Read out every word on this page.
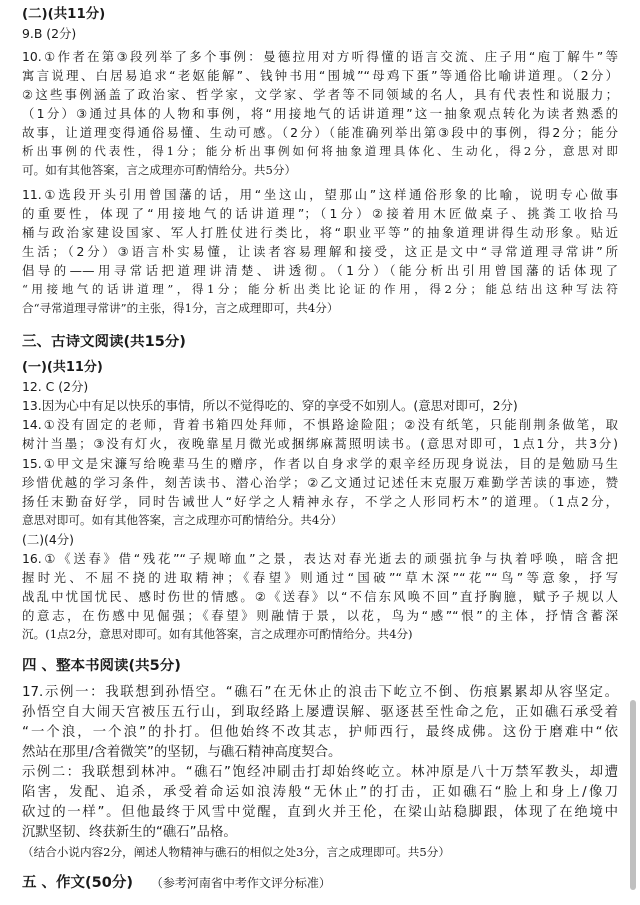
(二)(共11分)
9.B (2分)
10.①作者在第③段列举了多个事例：曼德拉用对方听得懂的语言交流、庄子用“庖丁解牛”等
寓言说理、白居易追求“老妪能解”、钱钟书用“围城”“母鸡下蛋”等通俗比喻讲道理。（2分）
②这些事例涵盖了政治家、哲学家，文学家、学者等不同领域的名人，具有代表性和说服力；
（1分）③通过具体的人物和事例，将“用接地气的话讲道理”这一抽象观点转化为读者熟悉的
故事，让道理变得通俗易懂、生动可感。（2分）（能准确列举出第③段中的事例，得2分；能分
析出事例的代表性，得1分；能分析出事例如何将抽象道理具体化、生动化，得2分，意思对即
可。如有其他答案，言之成理亦可酌情给分。共5分）
11.①选段开头引用曾国藩的话，用“坐这山，望那山”这样通俗形象的比喻，说明专心做事
的重要性，体现了“用接地气的话讲道理”；（1分）②接着用木匠做桌子、挑粪工收拾马
桶与政治家建设国家、军人打胜仗进行类比，将“职业平等”的抽象道理讲得生动形象。贴近
生活；（2分）③语言朴实易懂，让读者容易理解和接受，这正是文中“寻常道理寻常讲”所
倡导的——用寻常话把道理讲清楚、讲透彻。（1分）（能分析出引用曾国藩的话体现了
“用接地气的话讲道理”，得1分；能分析出类比论证的作用，得2分；能总结出这种写法符
合“寻常道理寻常讲”的主张，得1分，言之成理即可，共4分）
三、古诗文阅读(共15分)
(一)(共11分)
12. C (2分)
13.因为心中有足以快乐的事情，所以不觉得吃的、穿的享受不如别人。(意思对即可，2分)
14.①没有固定的老师，背着书箱四处拜师，不惧路途险阻；②没有纸笔，只能削荆条做笔，取
树汁当墨；③没有灯火，夜晚靠星月微光或捆绑麻蒿照明读书。(意思对即可，1点1分，共3分)
15.①甲文是宋濂写给晚辈马生的赠序，作者以自身求学的艰辛经历现身说法，目的是勉励马生
珍惜优越的学习条件，刻苦读书、潜心治学；②乙文通过记述任末克服万难勤学苦读的事迹，赞
扬任末勤奋好学，同时告诫世人“好学之人精神永存，不学之人形同朽木”的道理。（1点2分，
意思对即可。如有其他答案，言之成理亦可酌情给分。共4分）
(二)(4分)
16.①《送春》借“残花”“子规啼血”之景，表达对春光逝去的顽强抗争与执着呼唤，暗含把
握时光、不屈不挠的进取精神；《春望》则通过“国破”“草木深”“花”“鸟”等意象，抒写
战乱中忧国忧民、感时伤世的情感。②《送春》以“不信东风唤不回”直抒胸臆，赋予子规以人
的意志，在伤感中见倔强；《春望》则融情于景，以花，鸟为“感”“恨”的主体，抒情含蓄深
沉。(1点2分，意思对即可。如有其他答案，言之成理亦可酌情给分。共4分)
四 、整本书阅读(共5分)
17.示例一：我联想到孙悟空。“礁石”在无休止的浪击下屹立不倒、伤痕累累却从容坚定。
孙悟空自大闹天宫被压五行山，到取经路上屡遭误解、驱逐甚至性命之危，正如礁石承受着
“一个浪，一个浪”的扑打。但他始终不改其志，护师西行，最终成佛。这份于磨难中“依
然站在那里/含着微笑”的坚韧，与礁石精神高度契合。
示例二：我联想到林冲。“礁石”饱经冲刷击打却始终屹立。林冲原是八十万禁军教头，却遭
陷害，发配、追杀，承受着命运如浪涛般“无休止”的打击，正如礁石“脸上和身上/像刀
砍过的一样”。但他最终于风雪中觉醒，直到火并王伦，在梁山站稳脚跟，体现了在绝境中
沉默坚韧、终获新生的“礁石”品格。
（结合小说内容2分，阐述人物精神与礁石的相似之处3分，言之成理即可。共5分）
五 、作文(50分) （参考河南省中考作文评分标准）
